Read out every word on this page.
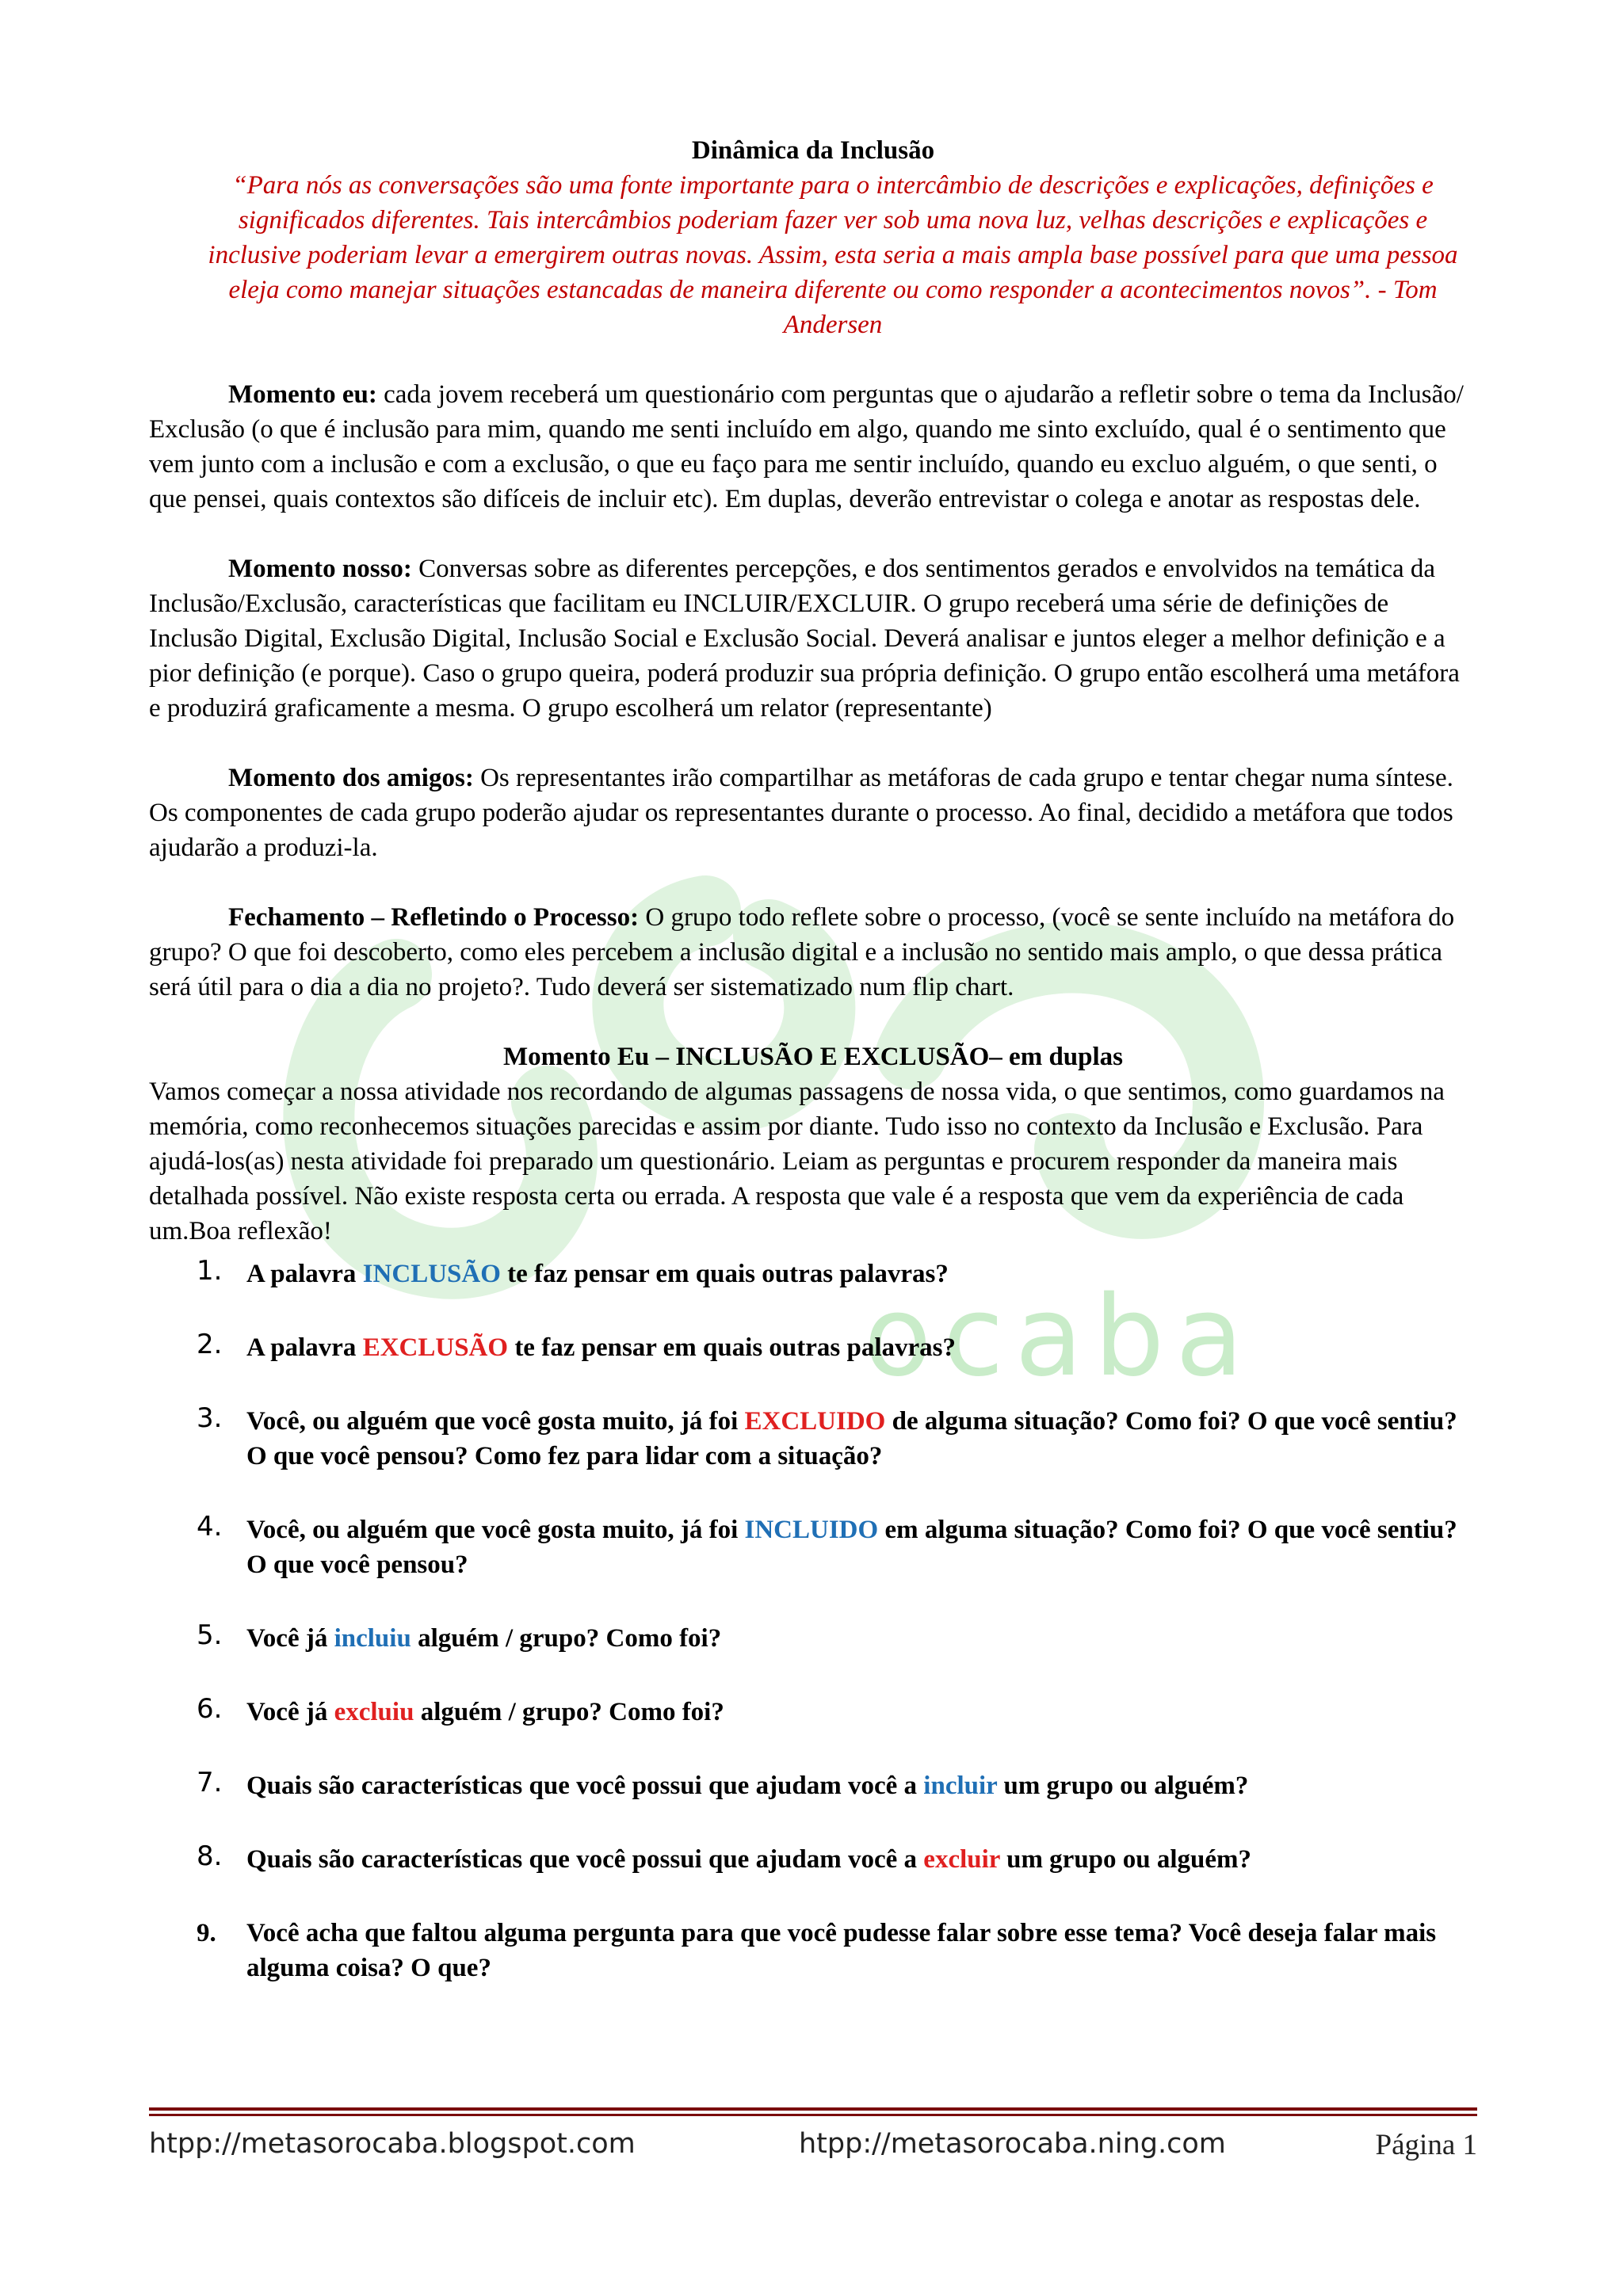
ocaba

Dinâmica da Inclusão

“Para nós as conversações são uma fonte importante para o intercâmbio de descrições e explicações, definições e significados diferentes. Tais intercâmbios poderiam fazer ver sob uma nova luz, velhas descrições e explicações e inclusive poderiam levar a emergirem outras novas. Assim, esta seria a mais ampla base possível para que uma pessoa eleja como manejar situações estancadas de maneira diferente ou como responder a acontecimentos novos”. - Tom Andersen

Momento eu: cada jovem receberá um questionário com perguntas que o ajudarão a refletir sobre o tema da Inclusão/ Exclusão (o que é inclusão para mim, quando me senti incluído em algo, quando me sinto excluído, qual é o sentimento que vem junto com a inclusão e com a exclusão, o que eu faço para me sentir incluído, quando eu excluo alguém, o que senti, o que pensei, quais contextos são difíceis de incluir etc). Em duplas, deverão entrevistar o colega e anotar as respostas dele.

Momento nosso: Conversas sobre as diferentes percepções, e dos sentimentos gerados e envolvidos na temática da Inclusão/Exclusão, características que facilitam eu INCLUIR/EXCLUIR. O grupo receberá uma série de definições de Inclusão Digital, Exclusão Digital, Inclusão Social e Exclusão Social. Deverá analisar e juntos eleger a melhor definição e a pior definição (e porque). Caso o grupo queira, poderá produzir sua própria definição. O grupo então escolherá uma metáfora e produzirá graficamente a mesma. O grupo escolherá um relator (representante)

Momento dos amigos: Os representantes irão compartilhar as metáforas de cada grupo e tentar chegar numa síntese. Os componentes de cada grupo poderão ajudar os representantes durante o processo. Ao final, decidido a metáfora que todos ajudarão a produzi-la.

Fechamento – Refletindo o Processo: O grupo todo reflete sobre o processo, (você se sente incluído na metáfora do grupo? O que foi descoberto, como eles percebem a inclusão digital e a inclusão no sentido mais amplo, o que dessa prática será útil para o dia a dia no projeto?. Tudo deverá ser sistematizado num flip chart.

Momento Eu – INCLUSÃO E EXCLUSÃO– em duplas

Vamos começar a nossa atividade nos recordando de algumas passagens de nossa vida, o que sentimos, como guardamos na memória, como reconhecemos situações parecidas e assim por diante. Tudo isso no contexto da Inclusão e Exclusão. Para ajudá-los(as) nesta atividade foi preparado um questionário. Leiam as perguntas e procurem responder da maneira mais detalhada possível. Não existe resposta certa ou errada. A resposta que vale é a resposta que vem da experiência de cada um.Boa reflexão!

1. A palavra INCLUSÃO te faz pensar em quais outras palavras?
2. A palavra EXCLUSÃO te faz pensar em quais outras palavras?
3. Você, ou alguém que você gosta muito, já foi EXCLUIDO de alguma situação? Como foi? O que você sentiu?O que você pensou? Como fez para lidar com a situação?
4. Você, ou alguém que você gosta muito, já foi INCLUIDO em alguma situação? Como foi? O que você sentiu?O que você pensou?
5. Você já incluiu alguém / grupo? Como foi?
6. Você já excluiu alguém / grupo? Como foi?
7. Quais são características que você possui que ajudam você a incluir um grupo ou alguém?
8. Quais são características que você possui que ajudam você a excluir um grupo ou alguém?
9. Você acha que faltou alguma pergunta para que você pudesse falar sobre esse tema? Você deseja falar mais alguma coisa? O que?
htpp://metasorocaba.blogspot.com	htpp://metasorocaba.ning.com	Página 1
